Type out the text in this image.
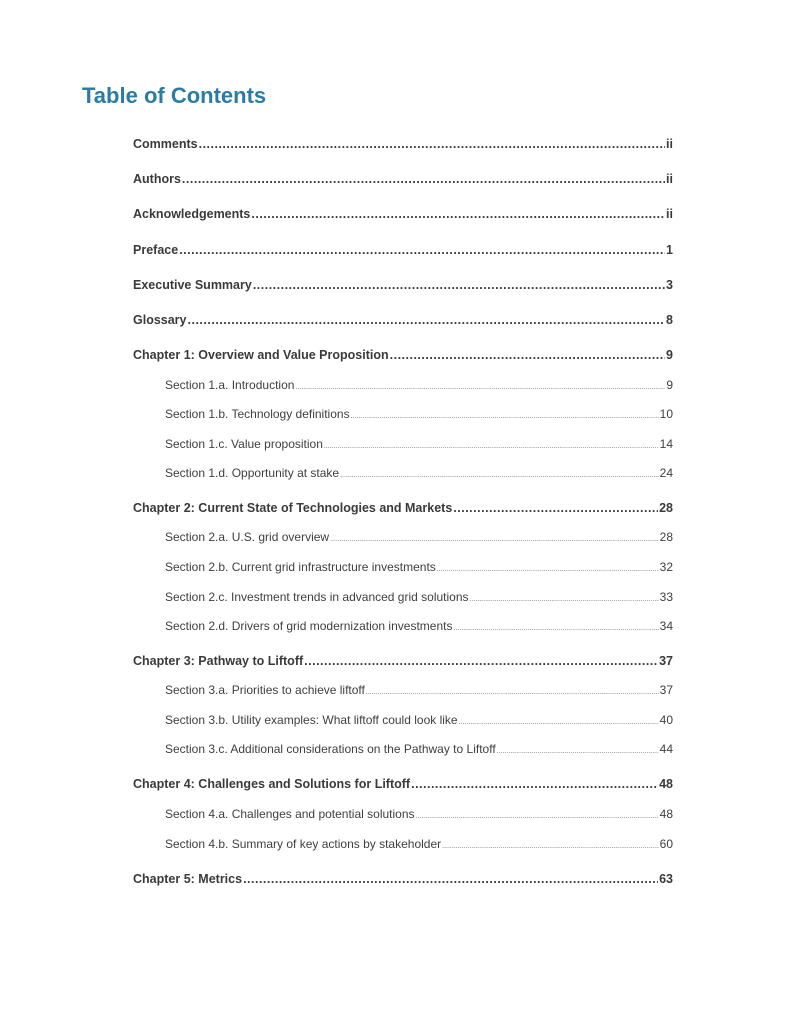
Table of Contents
Comments .....	ii
Authors .....	ii
Acknowledgements .....	ii
Preface .....	1
Executive Summary .....	3
Glossary .....	8
Chapter 1: Overview and Value Proposition .....	9
Section 1.a. Introduction .....	9
Section 1.b. Technology definitions .....	10
Section 1.c. Value proposition .....	14
Section 1.d. Opportunity at stake .....	24
Chapter 2: Current State of Technologies and Markets .....	28
Section 2.a. U.S. grid overview .....	28
Section 2.b. Current grid infrastructure investments .....	32
Section 2.c. Investment trends in advanced grid solutions .....	33
Section 2.d. Drivers of grid modernization investments .....	34
Chapter 3: Pathway to Liftoff .....	37
Section 3.a. Priorities to achieve liftoff .....	37
Section 3.b. Utility examples: What liftoff could look like .....	40
Section 3.c. Additional considerations on the Pathway to Liftoff .....	44
Chapter 4: Challenges and Solutions for Liftoff .....	48
Section 4.a. Challenges and potential solutions .....	48
Section 4.b. Summary of key actions by stakeholder .....	60
Chapter 5: Metrics .....	63
